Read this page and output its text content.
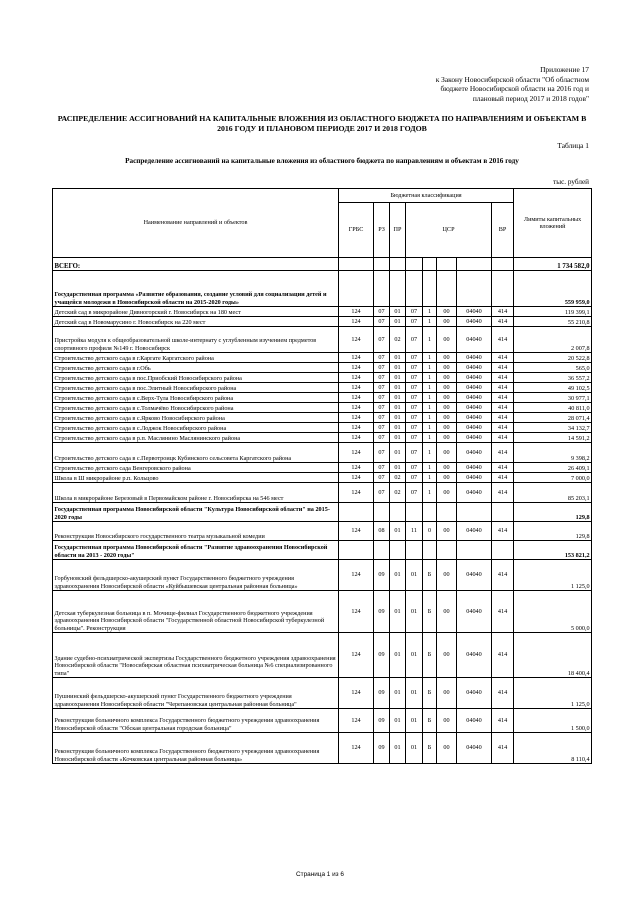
Приложение 17
к Закону Новосибирской области "Об областном
бюджете Новосибирской области на 2016 год и
плановый период 2017 и 2018 годов"
РАСПРЕДЕЛЕНИЕ АССИГНОВАНИЙ НА КАПИТАЛЬНЫЕ ВЛОЖЕНИЯ ИЗ ОБЛАСТНОГО БЮДЖЕТА ПО НАПРАВЛЕНИЯМ И ОБЪЕКТАМ В 2016 ГОДУ И ПЛАНОВОМ ПЕРИОДЕ 2017 И 2018 ГОДОВ
Таблица 1
Распределение ассигнований на капитальные вложения из областного бюджета по направлениям и объектам в 2016 году
тыс. рублей
Наименование направлений и объектов	Бюджетная классификация								Лимиты капитальных вложений
	ГРБС	РЗ	ПР	ЦСР				ВР	
ВСЕГО:									1 734 582,0
Государственная программа «Развитие образования, создание условий для социализации детей и учащейся молодежи в Новосибирской области на 2015-2020 годы»									559 959,0
Детский сад в микрорайоне Дивногорский г. Новосибирск на 180 мест	124	07	01	07	1	00	04040	414	119 399,1
Детский сад в Новомарусино г. Новосибирск на 220 мест	124	07	01	07	1	00	04040	414	55 210,8
Пристройка модуля к общеобразовательной школе-интернату с углубленным изучением предметов спортивного профиля №149 г. Новосибирск	124	07	02	07	1	00	04040	414	2 007,8
Строительство детского сада в г.Каргате Каргатского района	124	07	01	07	1	00	04040	414	20 522,8
Строительство детского сада в г.Обь	124	07	01	07	1	00	04040	414	565,0
Строительство детского сада в пос.Приобский Новосибирского района	124	07	01	07	1	00	04040	414	36 557,2
Строительство детского сада в пос.Элитный Новосибирского района	124	07	01	07	1	00	04040	414	49 102,5
Строительство детского сада в с.Верх-Тула Новосибирского района	124	07	01	07	1	00	04040	414	30 977,1
Строительство детского сада в с.Толмачёво Новосибирского района	124	07	01	07	1	00	04040	414	40 811,0
Строительство детского сада в с.Ярково Новосибирского района	124	07	01	07	1	00	04040	414	28 071,4
Строительство детского сада в с.Лоджок Новосибирского района	124	07	01	07	1	00	04040	414	34 132,7
Строительство детского сада в р.п. Маслянино Маслянинского района	124	07	01	07	1	00	04040	414	14 591,2
Строительство детского сада в с.Первотроицк Кубинского сельсовета Каргатского района	124	07	01	07	1	00	04040	414	9 398,2
Строительство детского сада Венгеровского района	124	07	01	07	1	00	04040	414	26 409,1
Школа в Ш микрорайоне р.п. Кольцово	124	07	02	07	1	00	04040	414	7 000,0
Школа в микрорайоне Березовый в Первомайском районе г. Новосибирска на 546 мест	124	07	02	07	1	00	04040	414	85 203,1
Государственная программа Новосибирской области "Культура Новосибирской области" на 2015-2020 годы									129,8
Реконструкция Новосибирского государственного театра музыкальной комедии	124	08	01	11	0	00	04040	414	129,8
Государственная программа Новосибирской области "Развитие здравоохранения Новосибирской области на 2013 - 2020 годы"									153 821,2
Горбуновский фельдшерско-акушерский пункт Государственного бюджетного учреждения здравоохранения Новосибирской области «Куйбышевская центральная районная больница»	124	09	01	01	Б	00	04040	414	1 125,0
Детская туберкулезная больница в п. Мочище-филиал Государственного бюджетного учреждения здравоохранения Новосибирской области "Государственной областной Новосибирской туберкулезной больницы". Реконструкция	124	09	01	01	Б	00	04040	414	5 000,0
Здание судебно-психиатрической экспертизы Государственного бюджетного учреждения здравоохранения Новосибирской области "Новосибирская областная психиатрическая больница №6 специализированного типа"	124	09	01	01	Б	00	04040	414	18 400,4
Пушнинский фельдшерско-акушерский пункт Государственного бюджетного учреждения здравоохранения Новосибирской области "Черепановская центральная районная больница"	124	09	01	01	Б	00	04040	414	1 125,0
Реконструкция больничного комплекса Государственного бюджетного учреждения здравоохранения Новосибирской области "Обская центральная городская больница"	124	09	01	01	Б	00	04040	414	1 500,0
Реконструкция больничного комплекса Государственного бюджетного учреждения здравоохранения Новосибирской области «Кочковская центральная районная больница»	124	09	01	01	Б	00	04040	414	8 110,4
Страница 1 из 6
